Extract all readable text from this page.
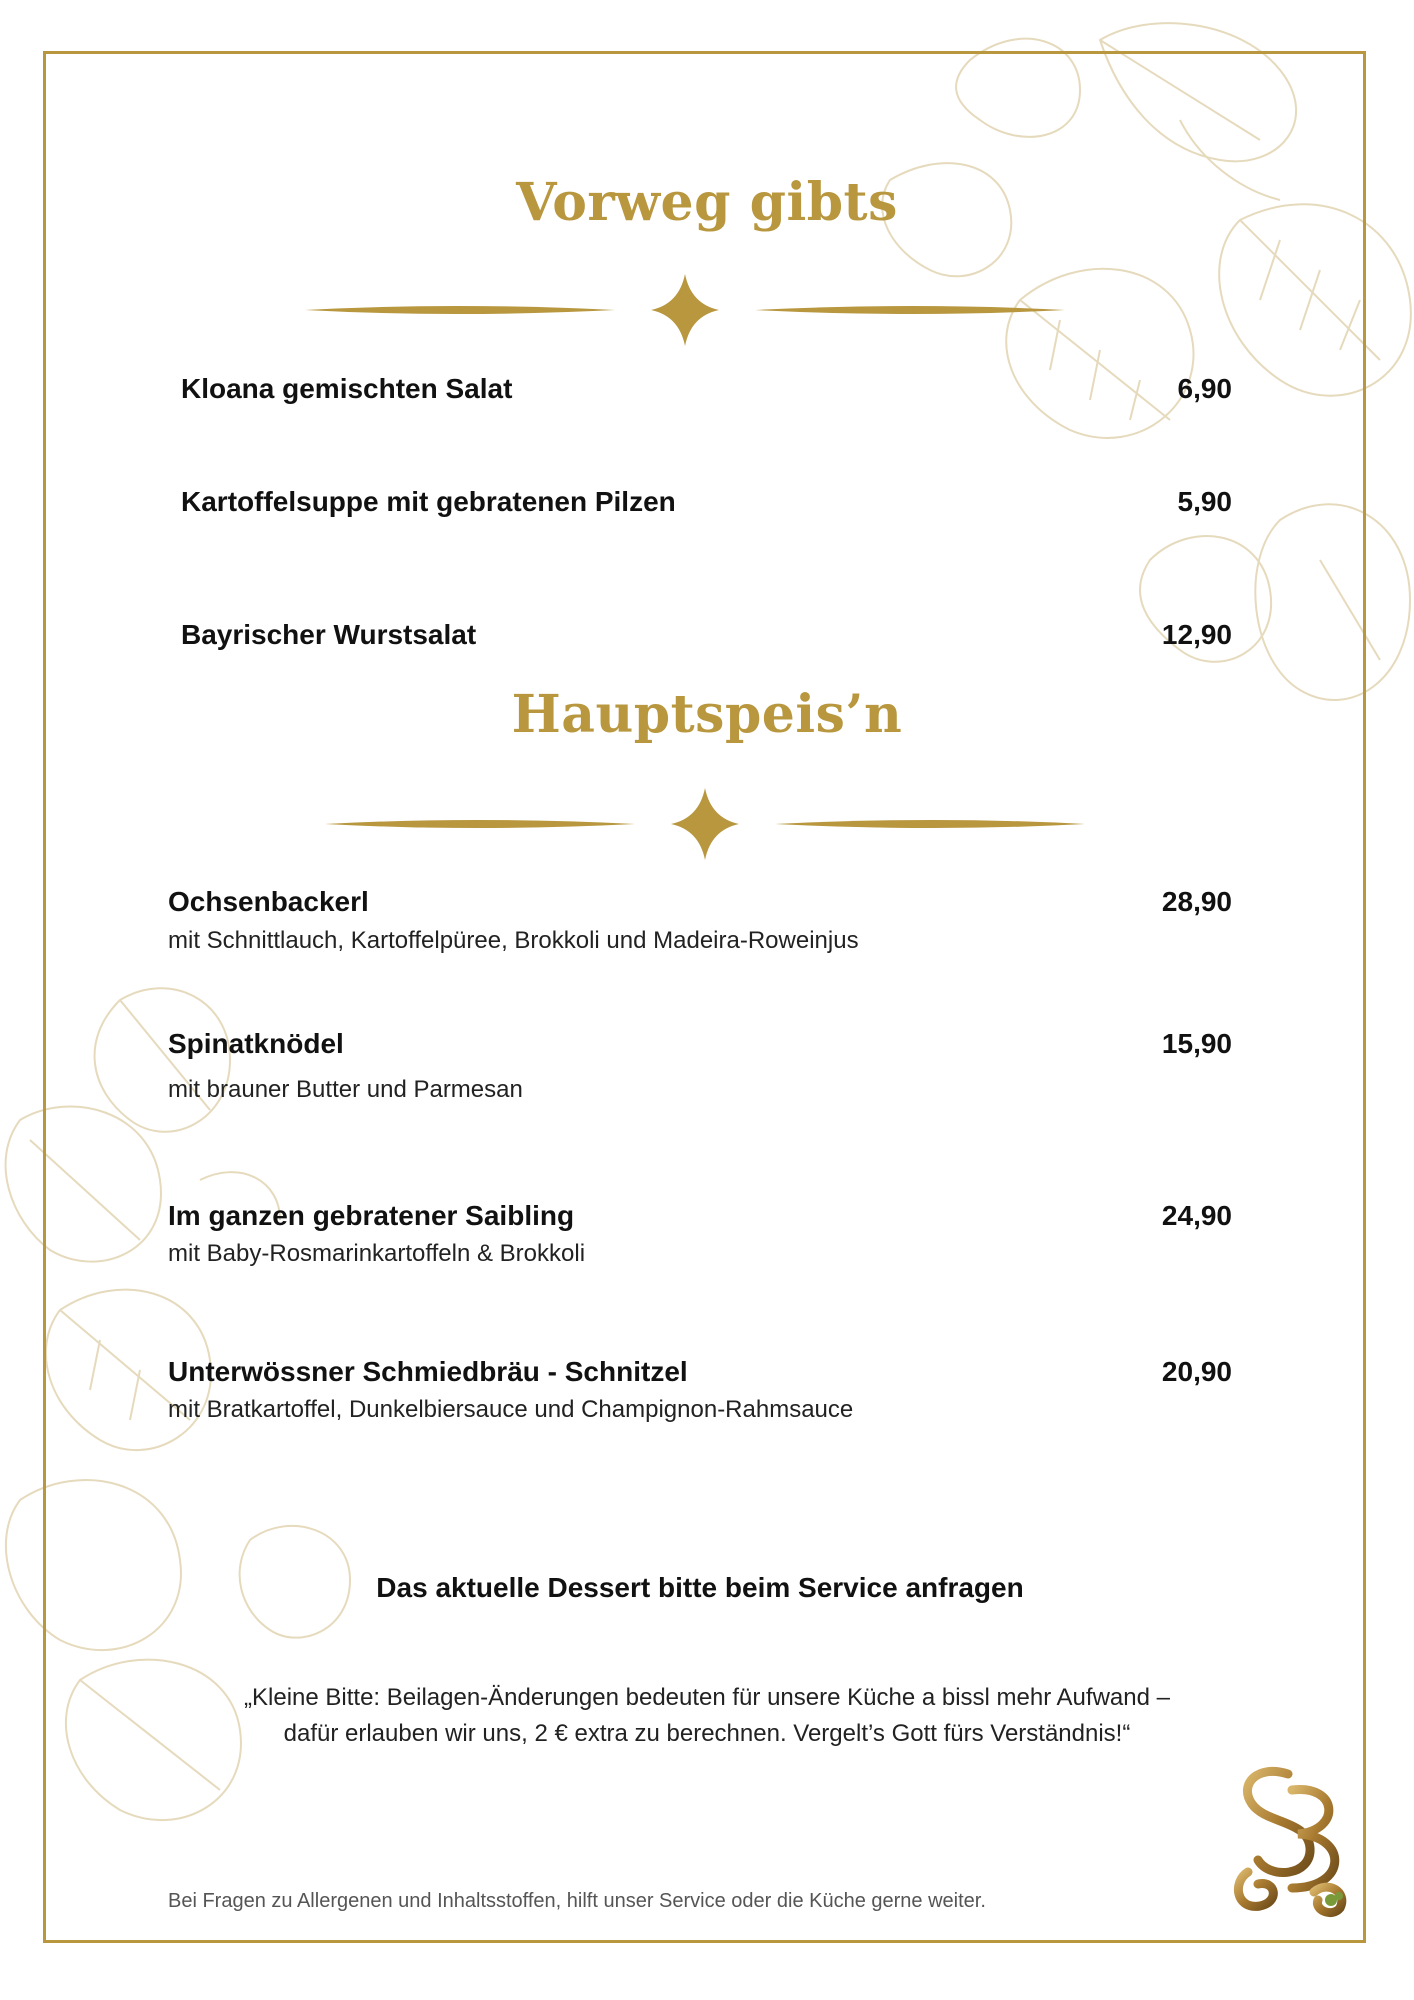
Vorweg gibts
Kloana gemischten Salat	6,90
Kartoffelsuppe mit gebratenen Pilzen	5,90
Bayrischer Wurstsalat	12,90
Hauptspeis’n
Ochsenbackerl	28,90
mit Schnittlauch, Kartoffelpüree, Brokkoli und Madeira-Roweinjus
Spinatknödel	15,90
mit brauner Butter und Parmesan
Im ganzen gebratener Saibling	24,90
mit Baby-Rosmarinkartoffeln & Brokkoli
Unterwössner Schmiedbräu - Schnitzel	20,90
mit Bratkartoffel, Dunkelbiersauce und Champignon-Rahmsauce
Das aktuelle Dessert bitte beim Service anfragen
„Kleine Bitte: Beilagen-Änderungen bedeuten für unsere Küche a bissl mehr Aufwand –
dafür erlauben wir uns, 2 € extra zu berechnen. Vergelt’s Gott fürs Verständnis!“
Bei Fragen zu Allergenen und Inhaltsstoffen, hilft unser Service oder die Küche gerne weiter.
